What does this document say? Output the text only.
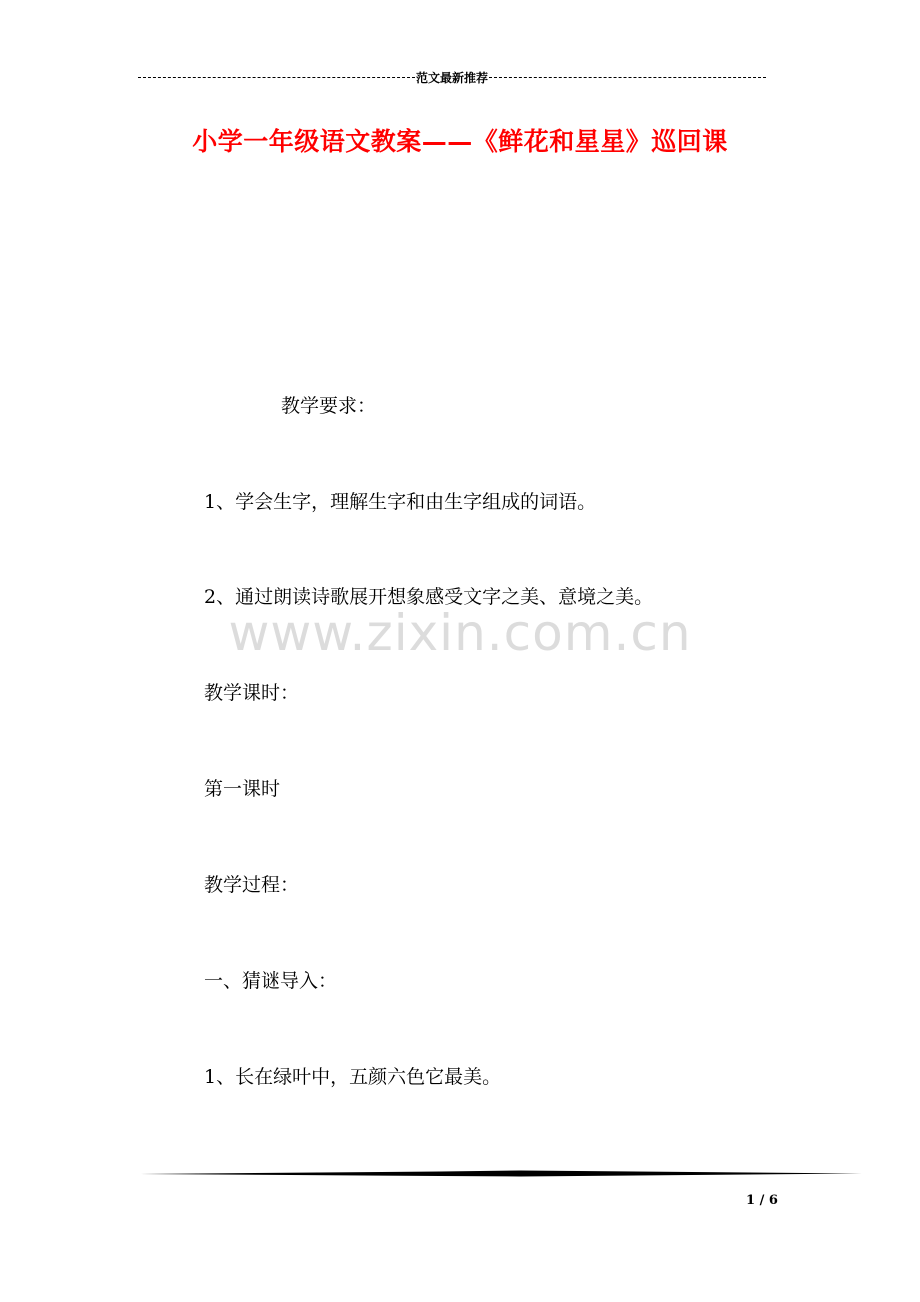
范文最新推荐
小学一年级语文教案——《鲜花和星星》巡回课
教学要求：
1、学会生字，理解生字和由生字组成的词语。
2、通过朗读诗歌展开想象感受文字之美、意境之美。
教学课时：
第一课时
教学过程：
一、猜谜导入：
1、长在绿叶中，五颜六色它最美。
www.zixin.com.cn
1 / 6
